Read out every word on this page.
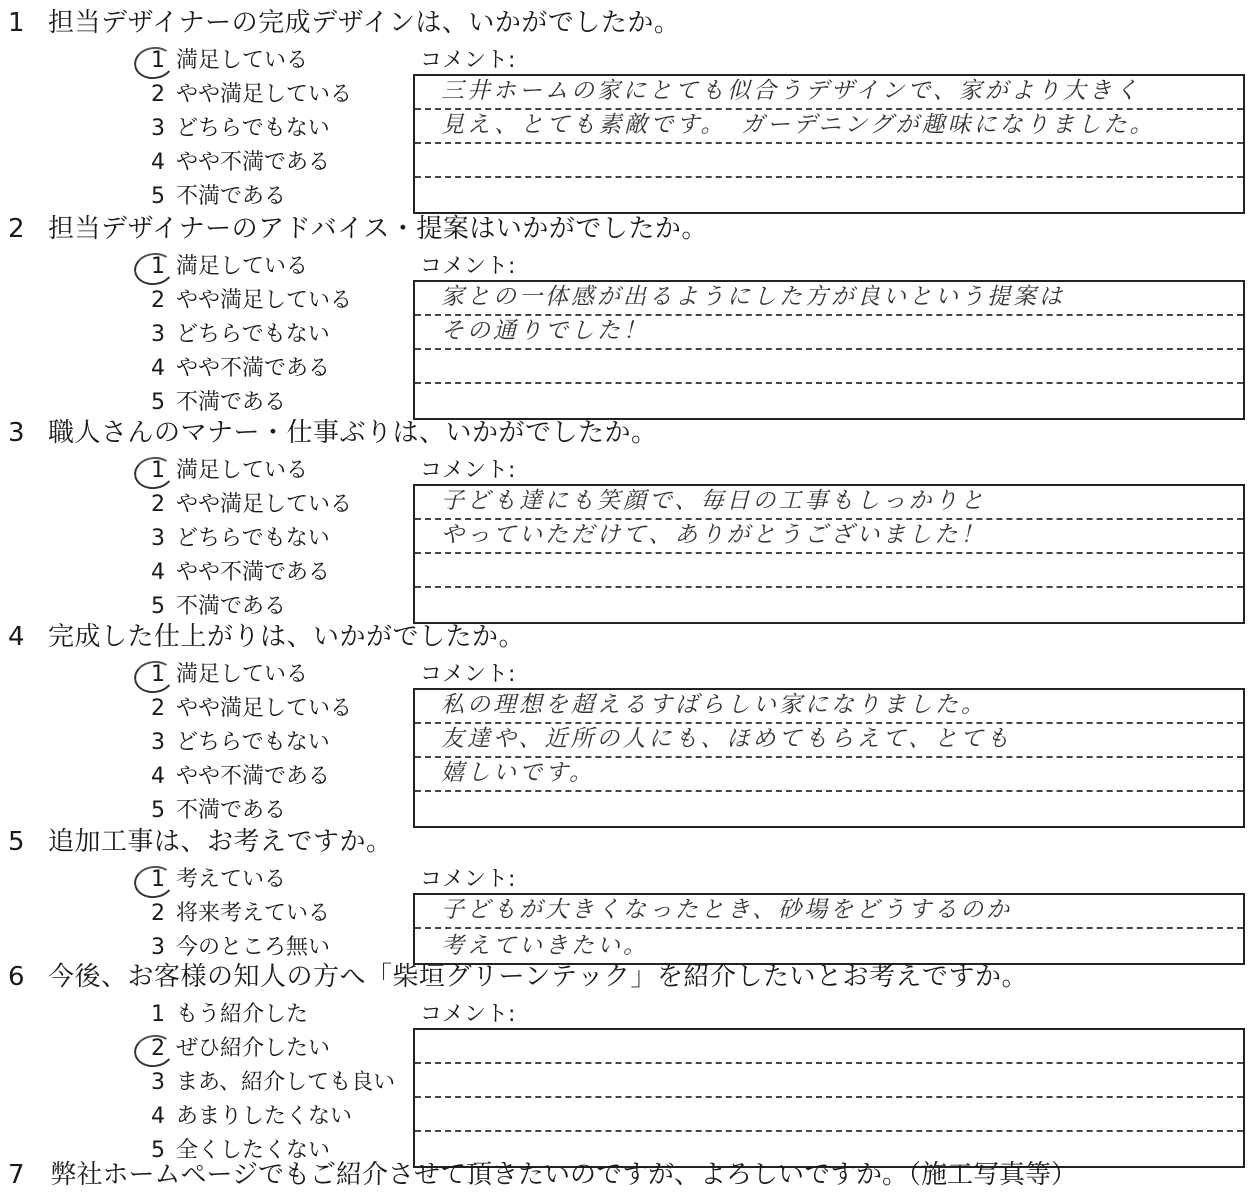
1 担当デザイナーの完成デザインは、いかがでしたか。
1 満足している
2 やや満足している
3 どちらでもない
4 やや不満である
5 不満である
コメント:
三井ホームの家にとても似合うデザインで、家がより大きく
見え、とても素敵です。　ガーデニングが趣味になりました。
2 担当デザイナーのアドバイス・提案はいかがでしたか。
1 満足している
2 やや満足している
3 どちらでもない
4 やや不満である
5 不満である
コメント:
家との一体感が出るようにした方が良いという提案は
その通りでした！
3 職人さんのマナー・仕事ぶりは、いかがでしたか。
1 満足している
2 やや満足している
3 どちらでもない
4 やや不満である
5 不満である
コメント:
子ども達にも笑顔で、毎日の工事もしっかりと
やっていただけて、ありがとうございました！
4 完成した仕上がりは、いかがでしたか。
1 満足している
2 やや満足している
3 どちらでもない
4 やや不満である
5 不満である
コメント:
私の理想を超えるすばらしい家になりました。
友達や、近所の人にも、ほめてもらえて、とても
嬉しいです。
5 追加工事は、お考えですか。
1 考えている
2 将来考えている
3 今のところ無い
コメント:
子どもが大きくなったとき、砂場をどうするのか
考えていきたい。
6 今後、お客様の知人の方へ「柴垣グリーンテック」を紹介したいとお考えですか。
1 もう紹介した
2 ぜひ紹介したい
3 まあ、紹介しても良い
4 あまりしたくない
5 全くしたくない
コメント:
7　弊社ホームページでもご紹介させて頂きたいのですが、よろしいですか。（施工写真等）
